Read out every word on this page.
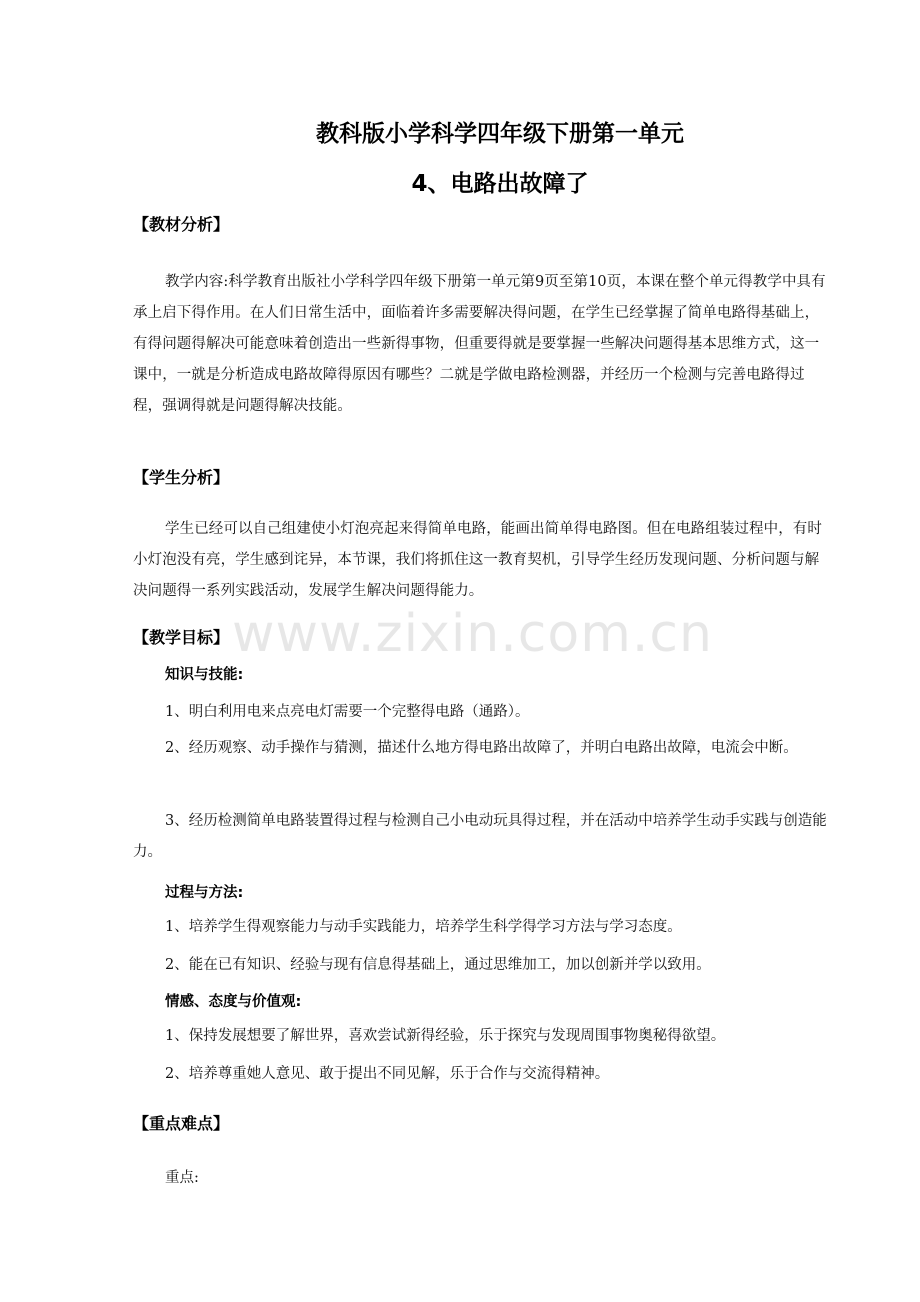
教科版小学科学四年级下册第一单元
4、电路出故障了
【教材分析】

教学内容:科学教育出版社小学科学四年级下册第一单元第9页至第10页，本课在整个单元得教学中具有承上启下得作用。在人们日常生活中，面临着许多需要解决得问题，在学生已经掌握了简单电路得基础上，有得问题得解决可能意味着创造出一些新得事物，但重要得就是要掌握一些解决问题得基本思维方式，这一课中，一就是分析造成电路故障得原因有哪些？二就是学做电路检测器，并经历一个检测与完善电路得过程，强调得就是问题得解决技能。

【学生分析】

学生已经可以自己组建使小灯泡亮起来得简单电路，能画出简单得电路图。但在电路组装过程中，有时小灯泡没有亮，学生感到诧异，本节课，我们将抓住这一教育契机，引导学生经历发现问题、分析问题与解决问题得一系列实践活动，发展学生解决问题得能力。

【教学目标】
知识与技能:

1、明白利用电来点亮电灯需要一个完整得电路（通路）。

2、经历观察、动手操作与猜测，描述什么地方得电路出故障了，并明白电路出故障，电流会中断。

3、经历检测简单电路装置得过程与检测自己小电动玩具得过程，并在活动中培养学生动手实践与创造能力。

过程与方法:

1、培养学生得观察能力与动手实践能力，培养学生科学得学习方法与学习态度。

2、能在已有知识、经验与现有信息得基础上，通过思维加工，加以创新并学以致用。

情感、态度与价值观:

1、保持发展想要了解世界，喜欢尝试新得经验，乐于探究与发现周围事物奥秘得欲望。

2、培养尊重她人意见、敢于提出不同见解，乐于合作与交流得精神。

【重点难点】
重点:
www.zixin.com.cn
